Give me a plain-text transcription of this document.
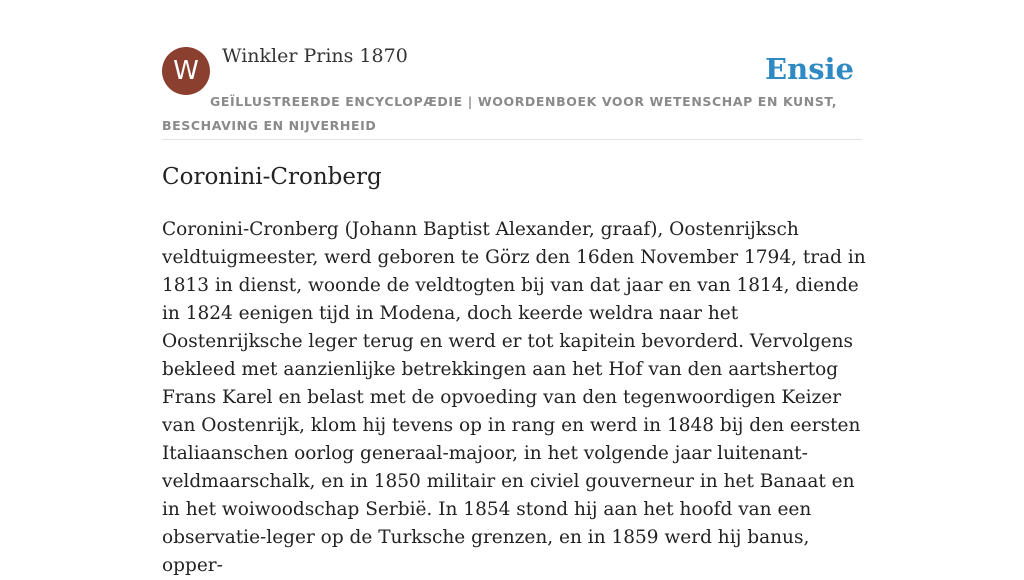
W	Winkler Prins 1870	Ensie
GEÏLLUSTREERDE ENCYCLOPÆDIE | WOORDENBOEK VOOR WETENSCHAP EN KUNST, BESCHAVING EN NIJVERHEID
Coronini-Cronberg

Coronini-Cronberg (Johann Baptist Alexander, graaf), Oostenrijksch veldtuigmeester, werd geboren te Görz den 16den November 1794, trad in 1813 in dienst, woonde de veldtogten bij van dat jaar en van 1814, diende in 1824 eenigen tijd in Modena, doch keerde weldra naar het Oostenrijksche leger terug en werd er tot kapitein bevorderd. Vervolgens bekleed met aanzienlijke betrekkingen aan het Hof van den aartshertog Frans Karel en belast met de opvoeding van den tegenwoordigen Keizer van Oostenrijk, klom hij tevens op in rang en werd in 1848 bij den eersten Italiaanschen oorlog generaal-majoor, in het volgende jaar luitenant-veldmaarschalk, en in 1850 militair en civiel gouverneur in het Banaat en in het woiwoodschap Serbië. In 1854 stond hij aan het hoofd van een observatie-leger op de Turksche grenzen, en in 1859 werd hij banus, opper-
